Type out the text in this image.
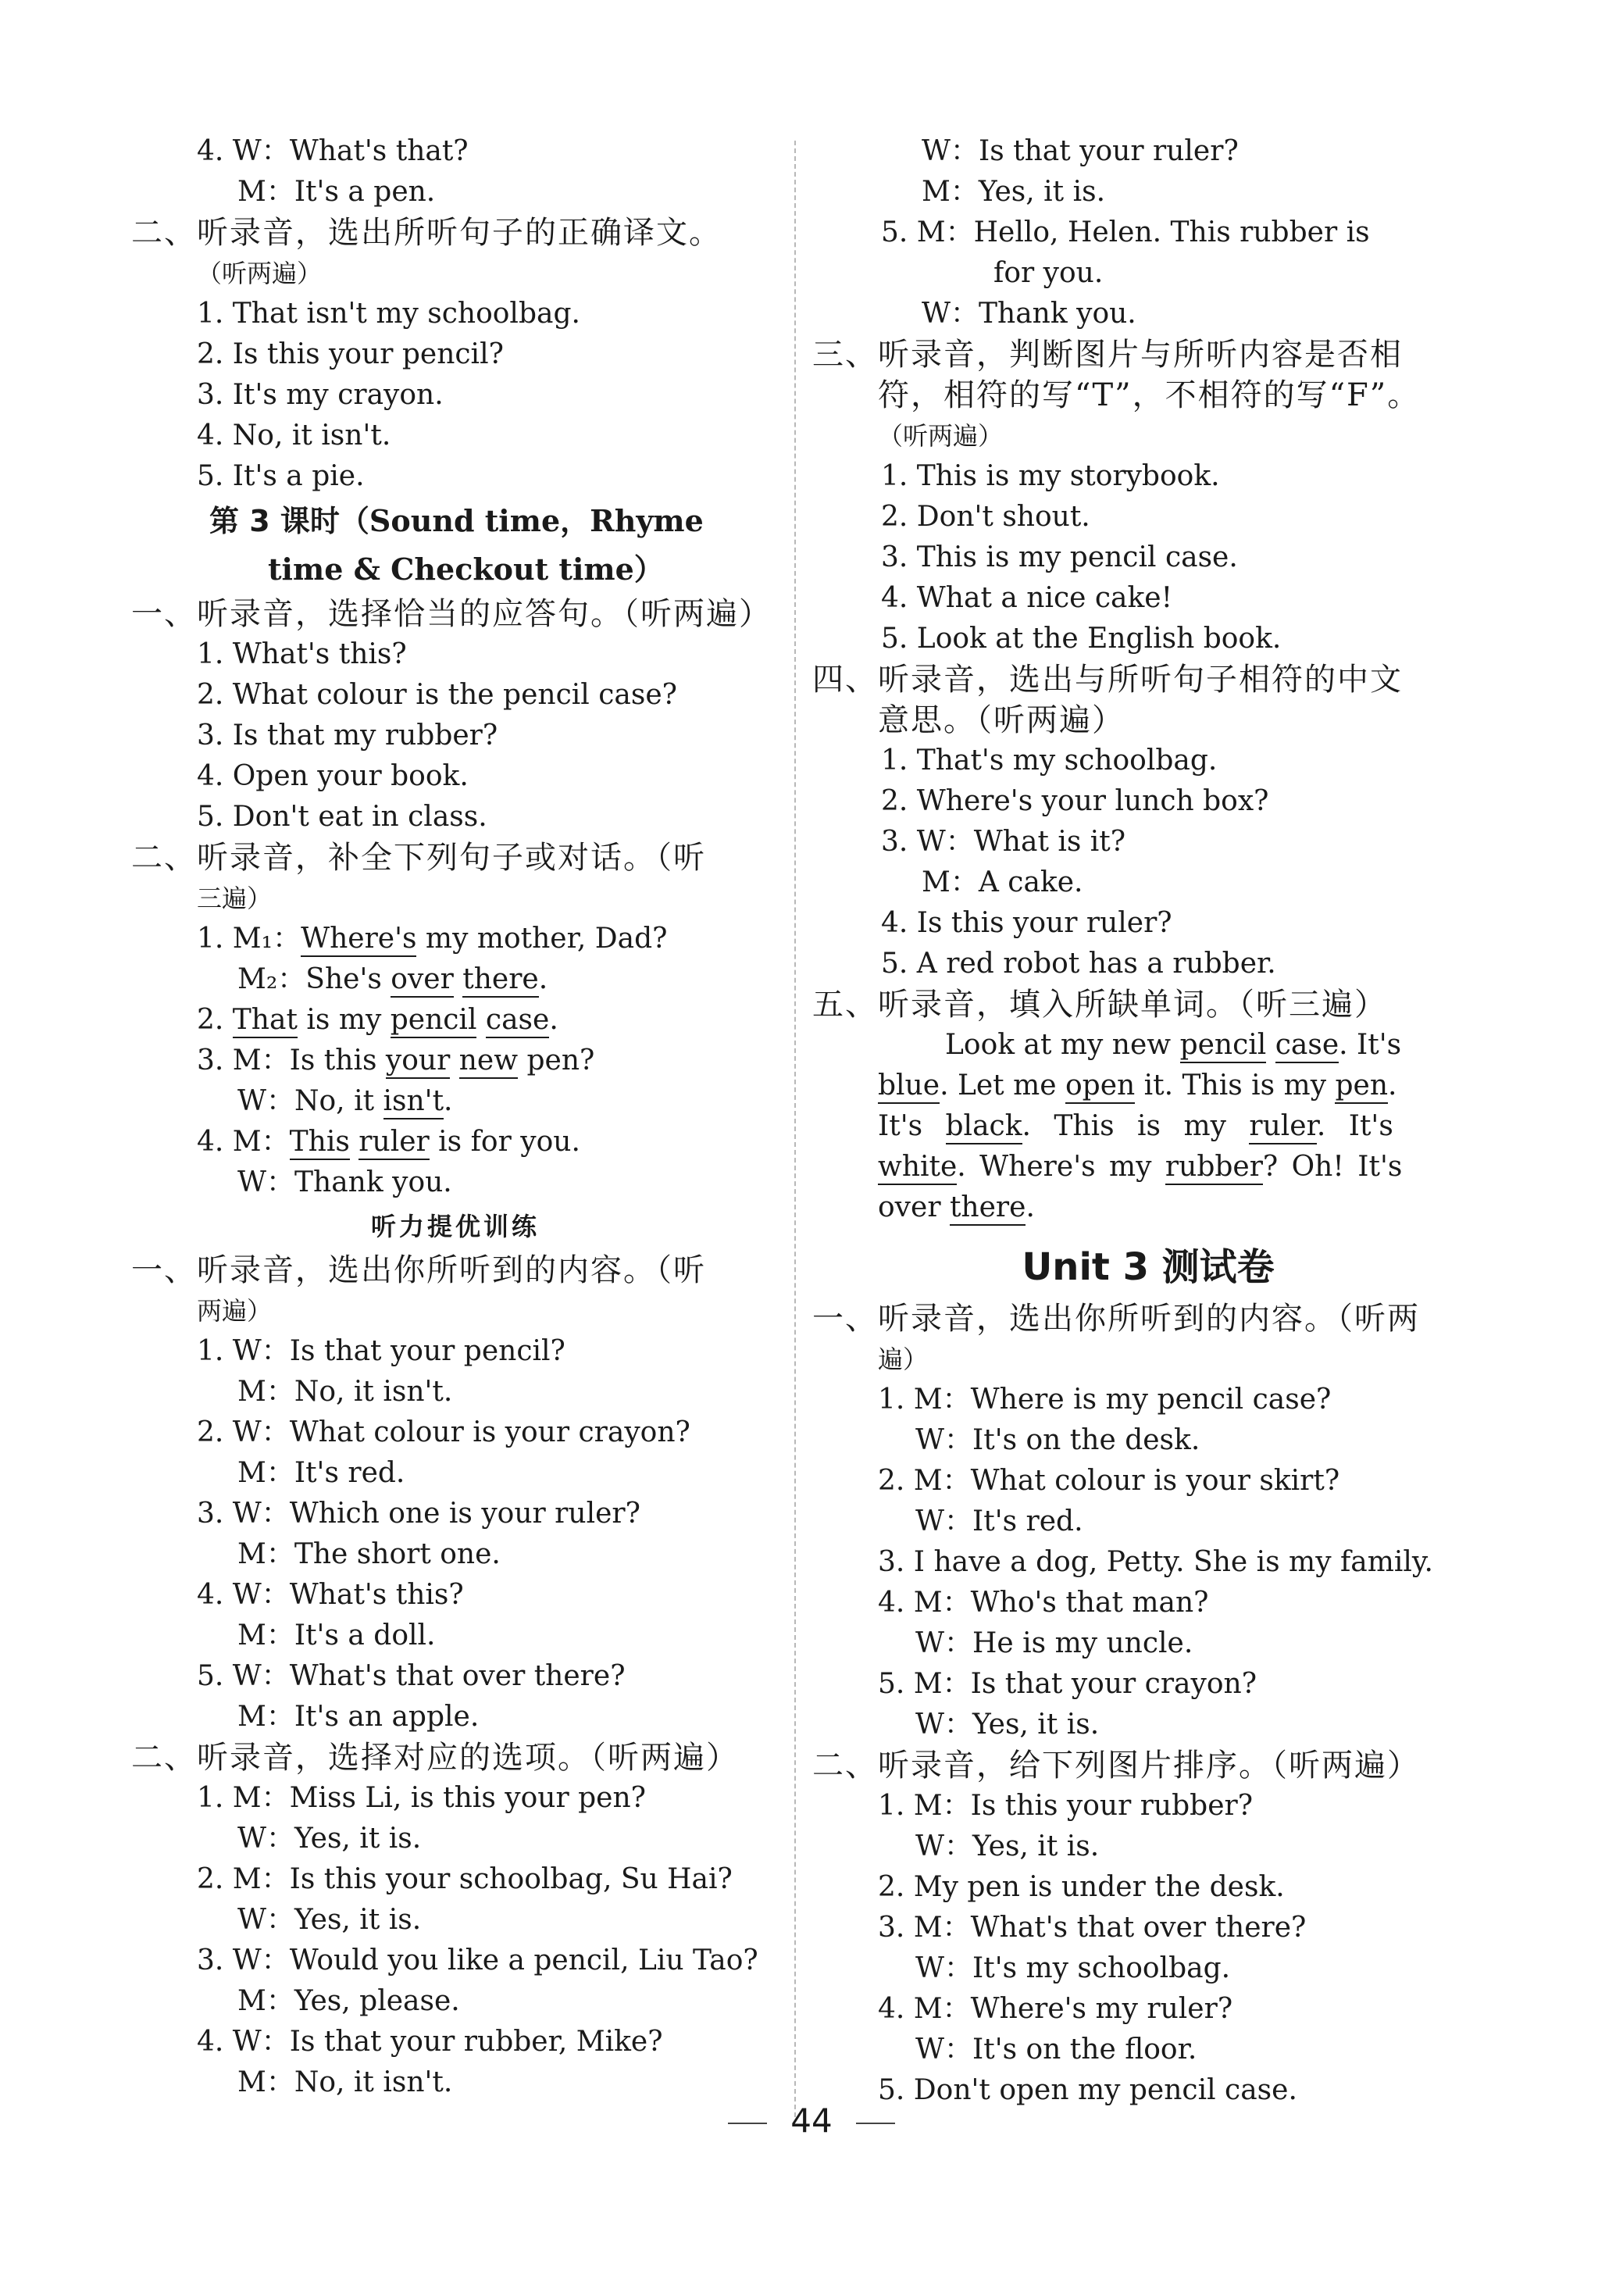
4. W：What's that?
M：It's a pen.
二、听录音，选出所听句子的正确译文。
（听两遍）
1. That isn't my schoolbag.
2. Is this your pencil?
3. It's my crayon.
4. No, it isn't.
5. It's a pie.
第 3 课时（Sound time，Rhyme
time & Checkout time）
一、听录音，选择恰当的应答句。（听两遍）
1. What's this?
2. What colour is the pencil case?
3. Is that my rubber?
4. Open your book.
5. Don't eat in class.
二、听录音，补全下列句子或对话。（听
三遍）
1. M₁：Where's my mother, Dad?
M₂：She's over there.
2. That is my pencil case.
3. M：Is this your new pen?
W：No, it isn't.
4. M：This ruler is for you.
W：Thank you.
听力提优训练
一、听录音，选出你所听到的内容。（听
两遍）
1. W：Is that your pencil?
M：No, it isn't.
2. W：What colour is your crayon?
M：It's red.
3. W：Which one is your ruler?
M：The short one.
4. W：What's this?
M：It's a doll.
5. W：What's that over there?
M：It's an apple.
二、听录音，选择对应的选项。（听两遍）
1. M：Miss Li, is this your pen?
W：Yes, it is.
2. M：Is this your schoolbag, Su Hai?
W：Yes, it is.
3. W：Would you like a pencil, Liu Tao?
M：Yes, please.
4. W：Is that your rubber, Mike?
M：No, it isn't.
W：Is that your ruler?
M：Yes, it is.
5. M：Hello, Helen. This rubber is
for you.
W：Thank you.
三、听录音，判断图片与所听内容是否相
符，相符的写“T”，不相符的写“F”。
（听两遍）
1. This is my storybook.
2. Don't shout.
3. This is my pencil case.
4. What a nice cake!
5. Look at the English book.
四、听录音，选出与所听句子相符的中文
意思。（听两遍）
1. That's my schoolbag.
2. Where's your lunch box?
3. W：What is it?
M：A cake.
4. Is this your ruler?
5. A red robot has a rubber.
五、听录音，填入所缺单词。（听三遍）
Look at my new pencil case. It's
blue. Let me open it. This is my pen.
It's black. This is my ruler. It's
white. Where's my rubber? Oh! It's
over there.
Unit 3 测试卷
一、听录音，选出你所听到的内容。（听两
遍）
1. M：Where is my pencil case?
W：It's on the desk.
2. M：What colour is your skirt?
W：It's red.
3. I have a dog, Petty. She is my family.
4. M：Who's that man?
W：He is my uncle.
5. M：Is that your crayon?
W：Yes, it is.
二、听录音，给下列图片排序。（听两遍）
1. M：Is this your rubber?
W：Yes, it is.
2. My pen is under the desk.
3. M：What's that over there?
W：It's my schoolbag.
4. M：Where's my ruler?
W：It's on the floor.
5. Don't open my pencil case.
44
